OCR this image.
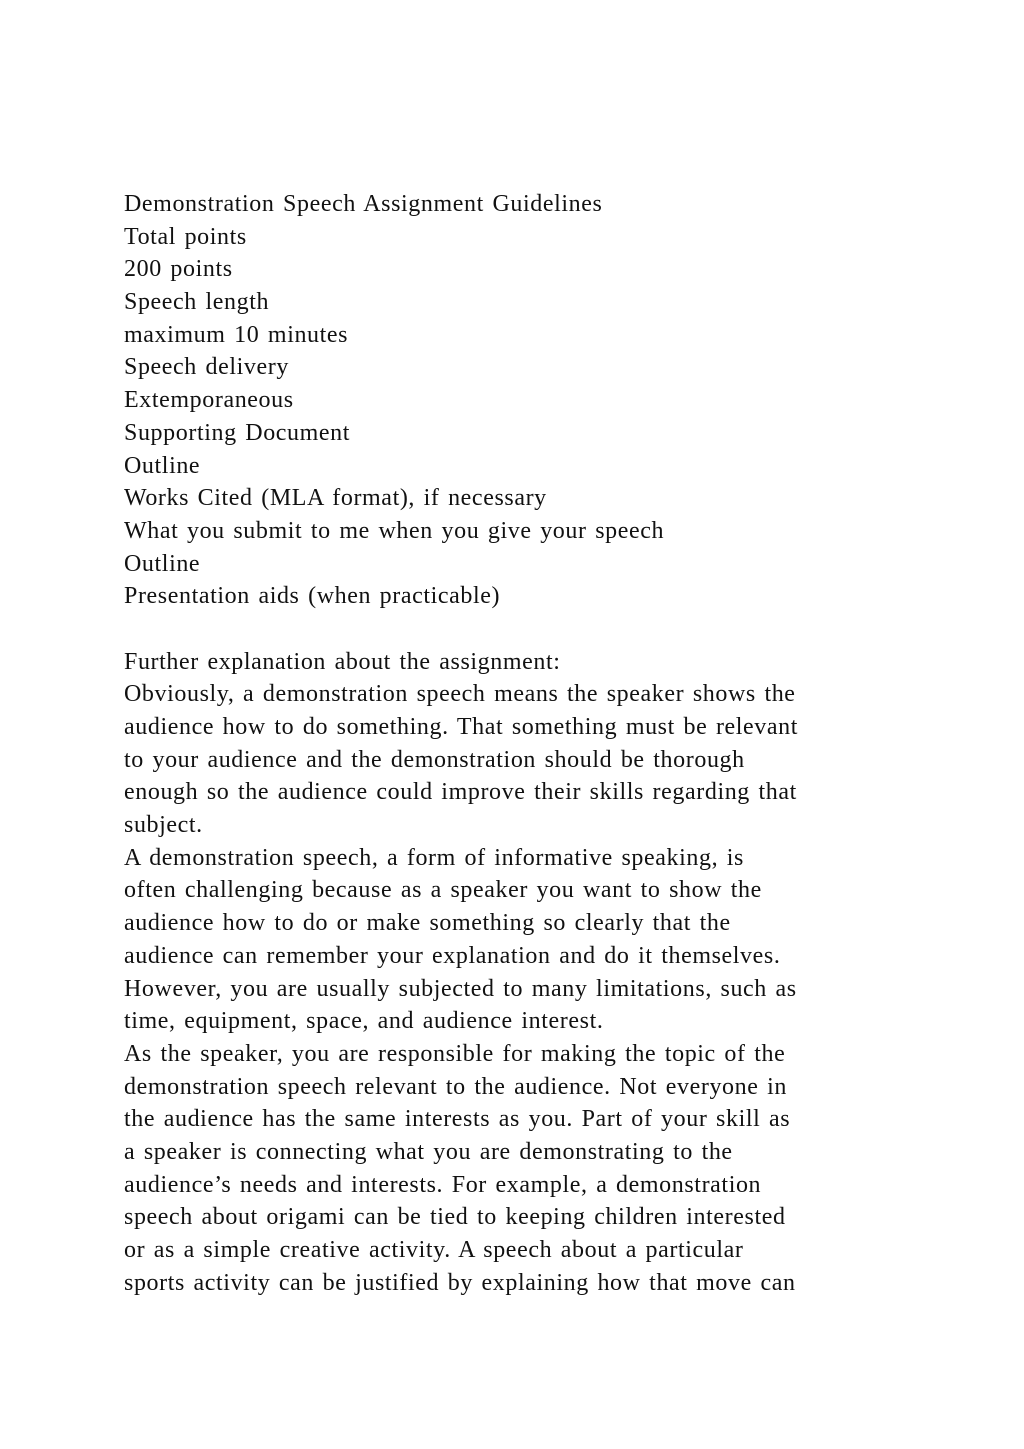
Demonstration Speech Assignment Guidelines
Total points
200 points
Speech length
maximum 10 minutes
Speech delivery
Extemporaneous
Supporting Document
Outline
Works Cited (MLA format), if necessary
What you submit to me when you give your speech
Outline
Presentation aids (when practicable)
Further explanation about the assignment:
Obviously, a demonstration speech means the speaker shows the
audience how to do something. That something must be relevant
to your audience and the demonstration should be thorough
enough so the audience could improve their skills regarding that
subject.
A demonstration speech, a form of informative speaking, is
often challenging because as a speaker you want to show the
audience how to do or make something so clearly that the
audience can remember your explanation and do it themselves.
However, you are usually subjected to many limitations, such as
time, equipment, space, and audience interest.
As the speaker, you are responsible for making the topic of the
demonstration speech relevant to the audience. Not everyone in
the audience has the same interests as you. Part of your skill as
a speaker is connecting what you are demonstrating to the
audience’s needs and interests. For example, a demonstration
speech about origami can be tied to keeping children interested
or as a simple creative activity. A speech about a particular
sports activity can be justified by explaining how that move can
